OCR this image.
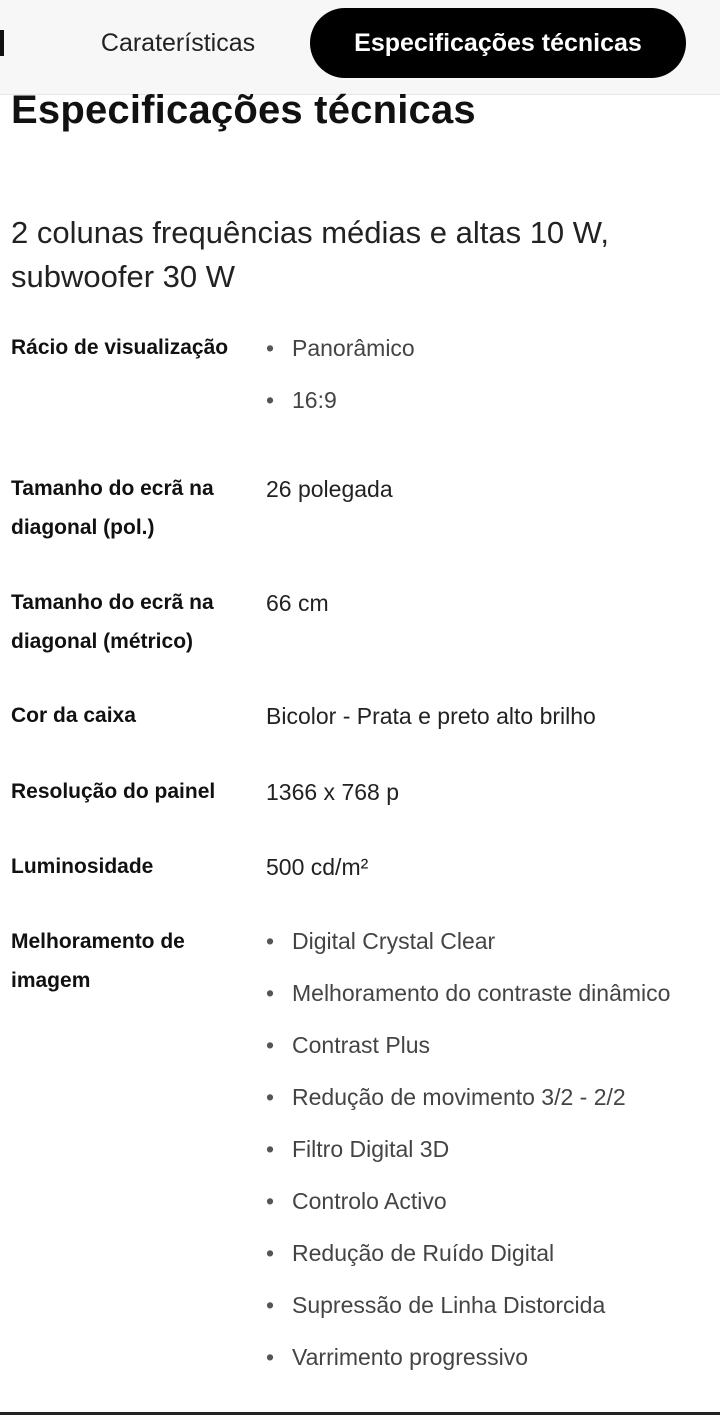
Caraterísticas	Especificações técnicas
Especificações técnicas

2 colunas frequências médias e altas 10 W, subwoofer 30 W

Rácio de visualização
•	Panorâmico
• 16:9
Tamanho do ecrã na diagonal (pol.)
26 polegada
Tamanho do ecrã na diagonal (métrico)
66 cm
Cor da caixa	Bicolor - Prata e preto alto brilho
Resolução do painel	1366 x 768 p
Luminosidade	500 cd/m²
Melhoramento de imagem
• Digital Crystal Clear
• Melhoramento do contraste dinâmico
• Contrast Plus
• Redução de movimento 3/2 - 2/2
• Filtro Digital 3D
• Controlo Activo
• Redução de Ruído Digital
• Supressão de Linha Distorcida
• Varrimento progressivo
